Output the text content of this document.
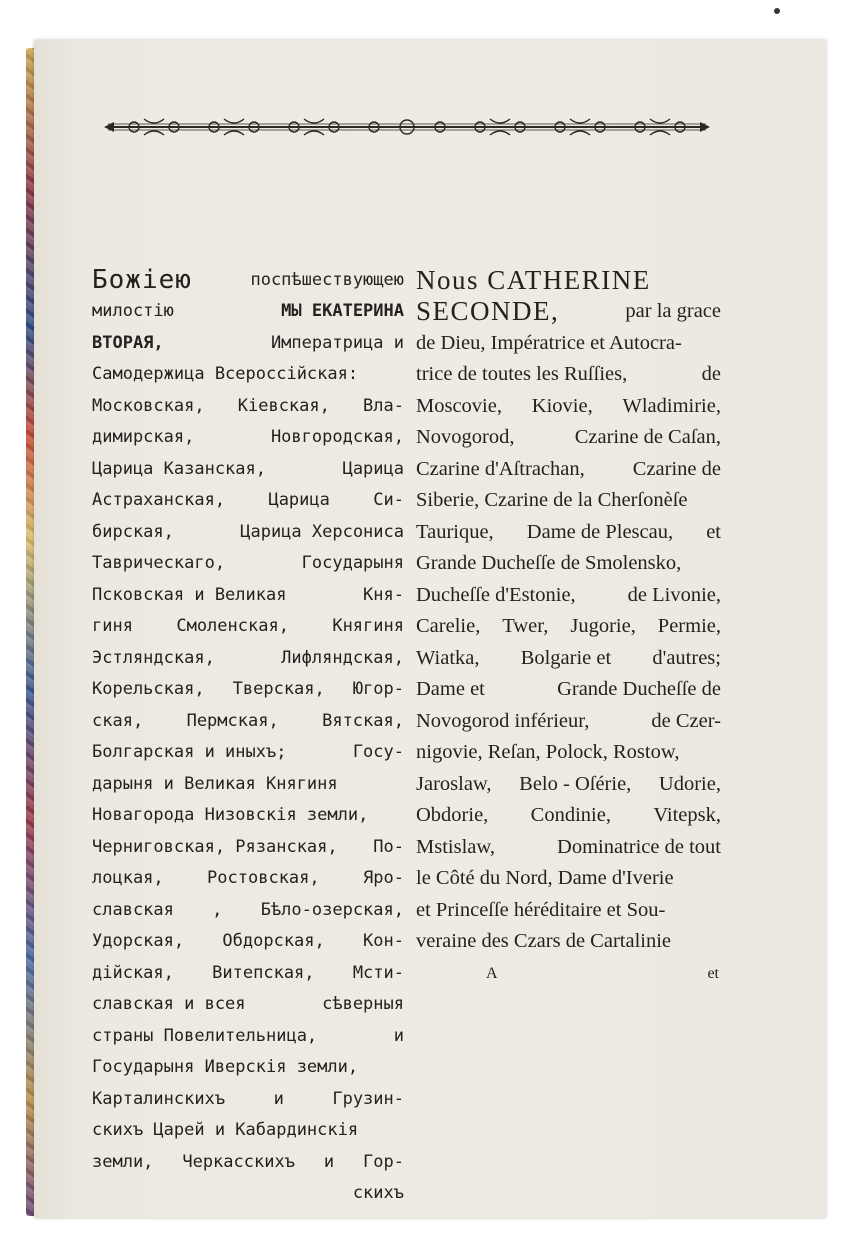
Божіею	поспѣшествующею
милостію	МЫ ЕКАТЕРИНА
ВТОРАЯ,	Императрица и
Самодержица Всероссійская:
Московская, Кіевская, Вла-
димирская,	Новгородская,
Царица Казанская,	Царица
Астраханская,	Царица	Си-
бирская,	Царица Херсониса
Таврическаго,	Государыня
Псковская и Великая	Кня-
гиня	Смоленская,	Княгиня
Эстляндская,	Лифляндская,
Корельская, Тверская, Югор-
ская,	Пермская,	Вятская,
Болгарская и иныхъ;	Госу-
дарыня и Великая Княгиня
Новагорода Низовскія земли,
Черниговская, Рязанская, По-
лоцкая,	Ростовская,	Яро-
славская , Бѣло-озерская,
Удорская, Обдорская, Кон-
дійская, Витепская, Мсти-
славская и всея	сѣверныя
страны Повелительница,	и
Государыня Иверскія земли,
Карталинскихъ	и	Грузин-
скихъ Царей и Кабардинскія
земли, Черкасскихъ и Гор-
скихъ
Nous CATHERINE
SECONDE,	par la grace
de Dieu, Impératrice et Autocra-
trice de toutes les Ruſſies,	de
Moscovie, Kiovie, Wladimirie,
Novogorod,	Czarine de Caſan,
Czarine d'Aſtrachan, Czarine de
Siberie, Czarine de la Cherſonèſe
Taurique, Dame de Plescau, et
Grande Ducheſſe de Smolensko,
Ducheſſe d'Estonie,	de Livonie,
Carelie, Twer, Jugorie, Permie,
Wiatka, Bolgarie et d'autres;
Dame et	Grande Ducheſſe de
Novogorod inférieur,	de Czer-
nigovie, Reſan, Polock, Rostow,
Jaroslaw, Belo - Oſérie, Udorie,
Obdorie, Condinie, Vitepsk,
Mstislaw,	Dominatrice de tout
le Côté du Nord, Dame d'Iverie
et Princeſſe héréditaire et Sou-
veraine des Czars de Cartalinie
A	et
